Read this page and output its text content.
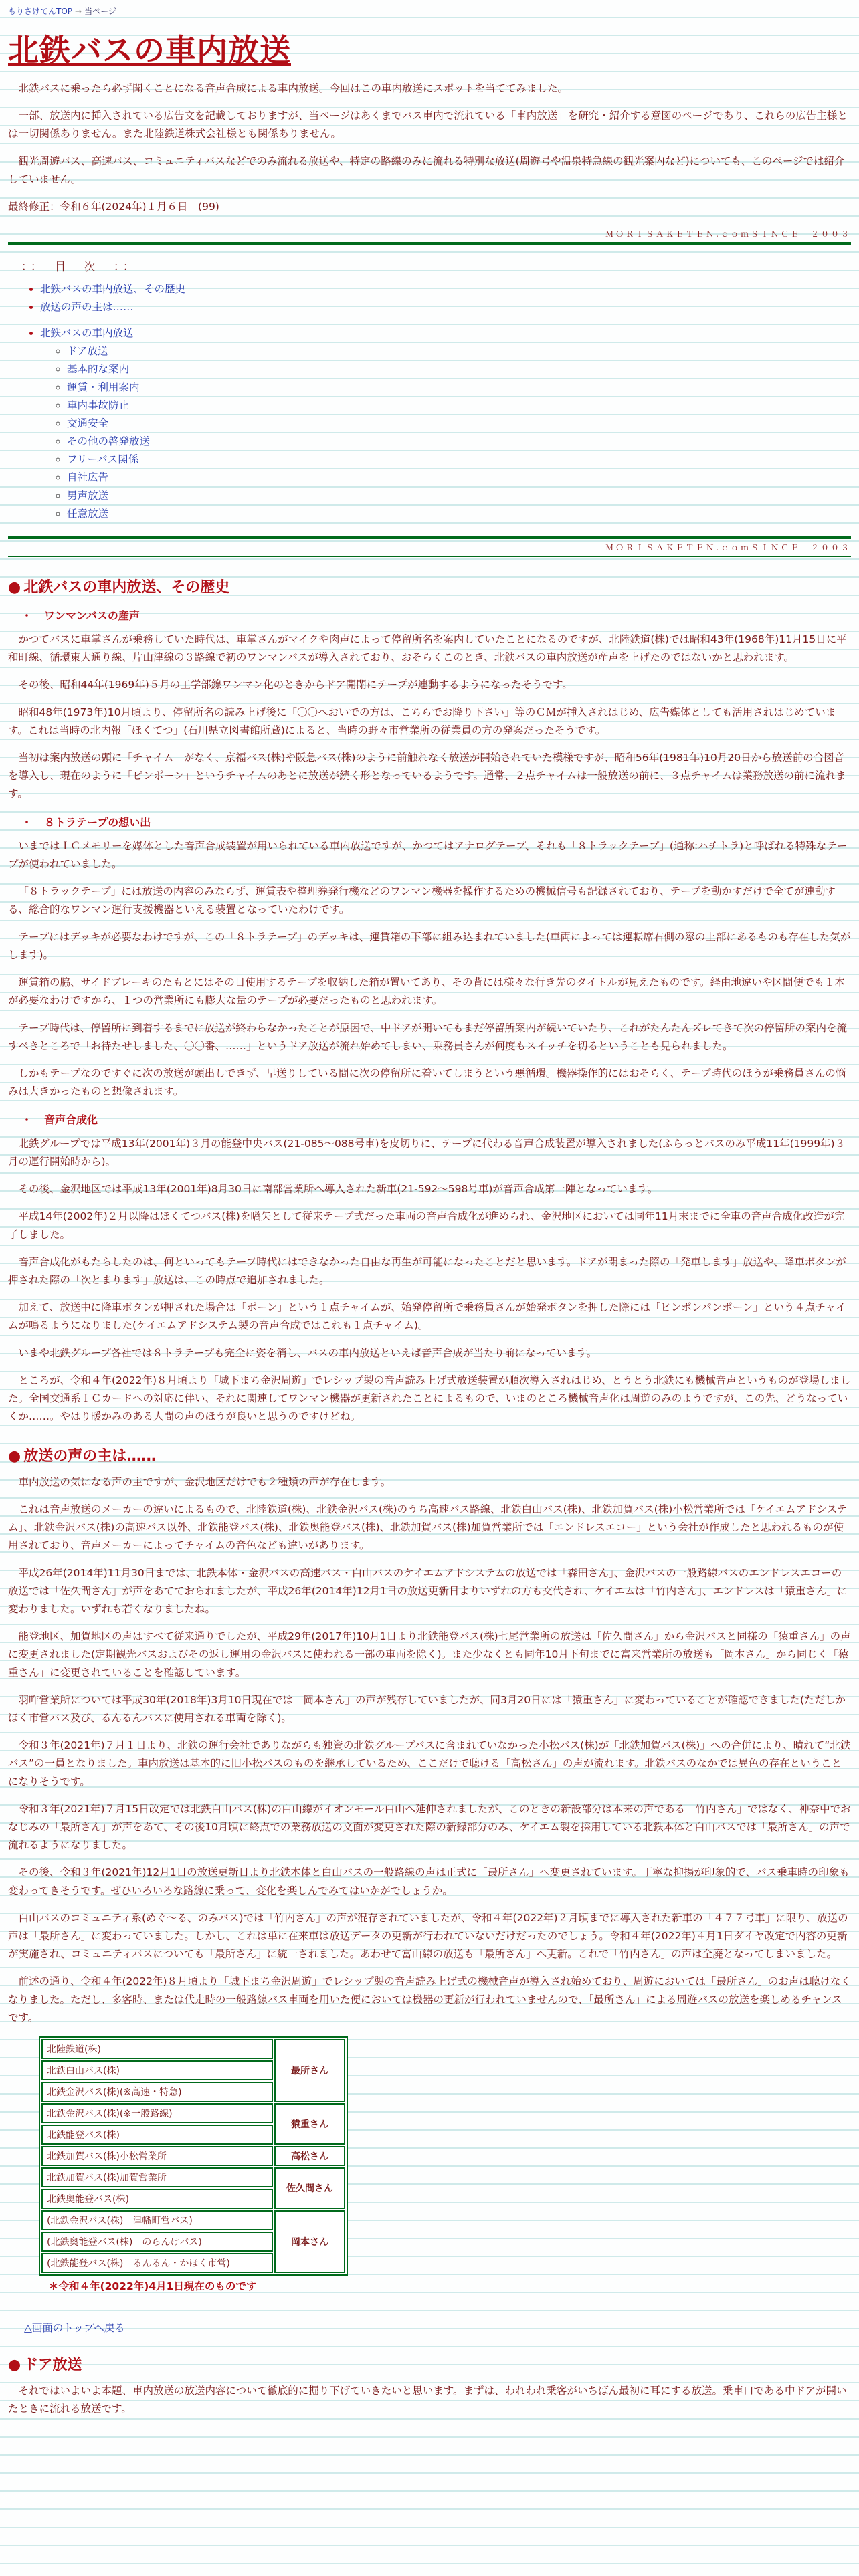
もりさけてんTOP → 当ページ
北鉄バスの車内放送

北鉄バスに乗ったら必ず聞くことになる音声合成による車内放送。今回はこの車内放送にスポットを当ててみました。

一部、放送内に挿入されている広告文を記載しておりますが、当ページはあくまでバス車内で流れている「車内放送」を研究・紹介する意図のページであり、これらの広告主様とは一切関係ありません。また北陸鉄道株式会社様とも関係ありません。

観光周遊バス、高速バス、コミュニティバスなどでのみ流れる放送や、特定の路線のみに流れる特別な放送(周遊号や温泉特急線の観光案内など)についても、このページでは紹介していません。

最終修正：令和６年(2024年)１月６日　(99)

ＭＯＲＩＳＡＫＥＴＥＮ.ｃｏｍＳＩＮＣＥ　２００３
：：　目　次　：：
• 北鉄バスの車内放送、その歴史
• 放送の声の主は……
• 北鉄バスの車内放送
◦ ドア放送
◦ 基本的な案内
◦ 運賃・利用案内
◦ 車内事故防止
◦ 交通安全
◦ その他の啓発放送
◦ フリーバス関係
◦ 自社広告
◦ 男声放送
◦ 任意放送
ＭＯＲＩＳＡＫＥＴＥＮ.ｃｏｍＳＩＮＣＥ　２００３
● 北鉄バスの車内放送、その歴史
・ ワンマンバスの産声

かつてバスに車掌さんが乗務していた時代は、車掌さんがマイクや肉声によって停留所名を案内していたことになるのですが、北陸鉄道(株)では昭和43年(1968年)11月15日に平和町線、循環東大通り線、片山津線の３路線で初のワンマンバスが導入されており、おそらくこのとき、北鉄バスの車内放送が産声を上げたのではないかと思われます。

その後、昭和44年(1969年)５月の工学部線ワンマン化のときからドア開閉にテープが連動するようになったそうです。

昭和48年(1973年)10月頃より、停留所名の読み上げ後に「〇〇へおいでの方は、こちらでお降り下さい」等のＣＭが挿入されはじめ、広告媒体としても活用されはじめています。これは当時の北内報「ほくてつ」(石川県立図書館所蔵)によると、当時の野々市営業所の従業員の方の発案だったそうです。

当初は案内放送の頭に「チャイム」がなく、京福バス(株)や阪急バス(株)のように前触れなく放送が開始されていた模様ですが、昭和56年(1981年)10月20日から放送前の合図音を導入し、現在のように「ピンポーン」というチャイムのあとに放送が続く形となっているようです。通常、２点チャイムは一般放送の前に、３点チャイムは業務放送の前に流れます。

・ ８トラテープの想い出

いまではＩＣメモリーを媒体とした音声合成装置が用いられている車内放送ですが、かつてはアナログテープ、それも「８トラックテープ」(通称:ハチトラ)と呼ばれる特殊なテープが使われていました。

「８トラックテープ」には放送の内容のみならず、運賃表や整理券発行機などのワンマン機器を操作するための機械信号も記録されており、テープを動かすだけで全てが連動する、総合的なワンマン運行支援機器といえる装置となっていたわけです。

テープにはデッキが必要なわけですが、この「８トラテープ」のデッキは、運賃箱の下部に組み込まれていました(車両によっては運転席右側の窓の上部にあるものも存在した気がします)。

運賃箱の脇、サイドブレーキのたもとにはその日使用するテープを収納した箱が置いてあり、その背には様々な行き先のタイトルが見えたものです。経由地違いや区間便でも１本が必要なわけですから、１つの営業所にも膨大な量のテープが必要だったものと思われます。

テープ時代は、停留所に到着するまでに放送が終わらなかったことが原因で、中ドアが開いてもまだ停留所案内が続いていたり、これがたんたんズレてきて次の停留所の案内を流すべきところで「お待たせしました、〇〇番、……」というドア放送が流れ始めてしまい、乗務員さんが何度もスイッチを切るということも見られました。

しかもテープなのですぐに次の放送が頭出しできず、早送りしている間に次の停留所に着いてしまうという悪循環。機器操作的にはおそらく、テープ時代のほうが乗務員さんの悩みは大きかったものと想像されます。

・ 音声合成化

北鉄グループでは平成13年(2001年)３月の能登中央バス(21-085〜088号車)を皮切りに、テープに代わる音声合成装置が導入されました(ふらっとバスのみ平成11年(1999年)３月の運行開始時から)。

その後、金沢地区では平成13年(2001年)8月30日に南部営業所へ導入された新車(21-592〜598号車)が音声合成第一陣となっています。

平成14年(2002年)２月以降はほくてつバス(株)を嚆矢として従来テープ式だった車両の音声合成化が進められ、金沢地区においては同年11月末までに全車の音声合成化改造が完了しました。

音声合成化がもたらしたのは、何といってもテープ時代にはできなかった自由な再生が可能になったことだと思います。ドアが閉まった際の「発車します」放送や、降車ボタンが押された際の「次とまります」放送は、この時点で追加されました。

加えて、放送中に降車ボタンが押された場合は「ポーン」という１点チャイムが、始発停留所で乗務員さんが始発ボタンを押した際には「ピンポンパンポーン」という４点チャイムが鳴るようになりました(ケイエムアドシステム製の音声合成ではこれも１点チャイム)。

いまや北鉄グループ各社では８トラテープも完全に姿を消し、バスの車内放送といえば音声合成が当たり前になっています。

ところが、令和４年(2022年)８月頃より「城下まち金沢周遊」でレシップ製の音声読み上げ式放送装置が順次導入されはじめ、とうとう北鉄にも機械音声というものが登場しました。全国交通系ＩＣカードへの対応に伴い、それに関連してワンマン機器が更新されたことによるもので、いまのところ機械音声化は周遊のみのようですが、この先、どうなっていくか……。やはり暖かみのある人間の声のほうが良いと思うのですけどね。

● 放送の声の主は……

車内放送の気になる声の主ですが、金沢地区だけでも２種類の声が存在します。

これは音声放送のメーカーの違いによるもので、北陸鉄道(株)、北鉄金沢バス(株)のうち高速バス路線、北鉄白山バス(株)、北鉄加賀バス(株)小松営業所では「ケイエムアドシステム」、北鉄金沢バス(株)の高速バス以外、北鉄能登バス(株)、北鉄奥能登バス(株)、北鉄加賀バス(株)加賀営業所では「エンドレスエコー」という会社が作成したと思われるものが使用されており、音声メーカーによってチャイムの音色なども違いがあります。

平成26年(2014年)11月30日までは、北鉄本体・金沢バスの高速バス・白山バスのケイエムアドシステムの放送では「森田さん」、金沢バスの一般路線バスのエンドレスエコーの放送では「佐久間さん」が声をあてておられましたが、平成26年(2014年)12月1日の放送更新日よりいずれの方も交代され、ケイエムは「竹内さん」、エンドレスは「猿重さん」に変わりました。いずれも若くなりましたね。

能登地区、加賀地区の声はすべて従来通りでしたが、平成29年(2017年)10月1日より北鉄能登バス(株)七尾営業所の放送は「佐久間さん」から金沢バスと同様の「猿重さん」の声に変更されました(定期観光バスおよびその返し運用の金沢バスに使われる一部の車両を除く)。また少なくとも同年10月下旬までに富来営業所の放送も「岡本さん」から同じく「猿重さん」に変更されていることを確認しています。

羽咋営業所については平成30年(2018年)3月10日現在では「岡本さん」の声が残存していましたが、同3月20日には「猿重さん」に変わっていることが確認できました(ただしかほく市営バス及び、るんるんバスに使用される車両を除く)。

令和３年(2021年)７月１日より、北鉄の運行会社でありながらも独資の北鉄グループバスに含まれていなかった小松バス(株)が「北鉄加賀バス(株)」への合併により、晴れて“北鉄バス”の一員となりました。車内放送は基本的に旧小松バスのものを継承しているため、ここだけで聴ける「高松さん」の声が流れます。北鉄バスのなかでは異色の存在ということになりそうです。

令和３年(2021年)７月15日改定では北鉄白山バス(株)の白山線がイオンモール白山へ延伸されましたが、このときの新設部分は本来の声である「竹内さん」ではなく、神奈中でおなじみの「最所さん」が声をあて、その後10月頃に終点での業務放送の文面が変更された際の新録部分のみ、ケイエム製を採用している北鉄本体と白山バスでは「最所さん」の声で流れるようになりました。

その後、令和３年(2021年)12月1日の放送更新日より北鉄本体と白山バスの一般路線の声は正式に「最所さん」へ変更されています。丁寧な抑揚が印象的で、バス乗車時の印象も変わってきそうです。ぜひいろいろな路線に乗って、変化を楽しんでみてはいかがでしょうか。

白山バスのコミュニティ系(めぐ〜る、のみバス)では「竹内さん」の声が混存されていましたが、令和４年(2022年)２月頃までに導入された新車の「４７７号車」に限り、放送の声は「最所さん」に変わっていました。しかし、これは単に在来車は放送データの更新が行われていないだけだったのでしょう。令和４年(2022年)４月1日ダイヤ改定で内容の更新が実施され、コミュニティバスについても「最所さん」に統一されました。あわせて富山線の放送も「最所さん」へ更新。これで「竹内さん」の声は全廃となってしまいました。

前述の通り、令和４年(2022年)８月頃より「城下まち金沢周遊」でレシップ製の音声読み上げ式の機械音声が導入され始めており、周遊においては「最所さん」のお声は聴けなくなりました。ただし、多客時、または代走時の一般路線バス車両を用いた便においては機器の更新が行われていませんので、「最所さん」による周遊バスの放送を楽しめるチャンスです。

北陸鉄道(株)	最所さん
北鉄白山バス(株)	
北鉄金沢バス(株)(※高速・特急)	
北鉄金沢バス(株)(※一般路線)	猿重さん
北鉄能登バス(株)	
北鉄加賀バス(株)小松営業所	高松さん
北鉄加賀バス(株)加賀営業所	佐久間さん
北鉄奥能登バス(株)	
(北鉄金沢バス(株)　津幡町営バス)	岡本さん
(北鉄奥能登バス(株)　のらんけバス)	
(北鉄能登バス(株)　るんるん・かほく市営)	
＊令和４年(2022年)4月1日現在のものです
△画面のトップへ戻る
● ドア放送

それではいよいよ本題、車内放送の放送内容について徹底的に掘り下げていきたいと思います。まずは、われわれ乗客がいちばん最初に耳にする放送。乗車口である中ドアが開いたときに流れる放送です。
